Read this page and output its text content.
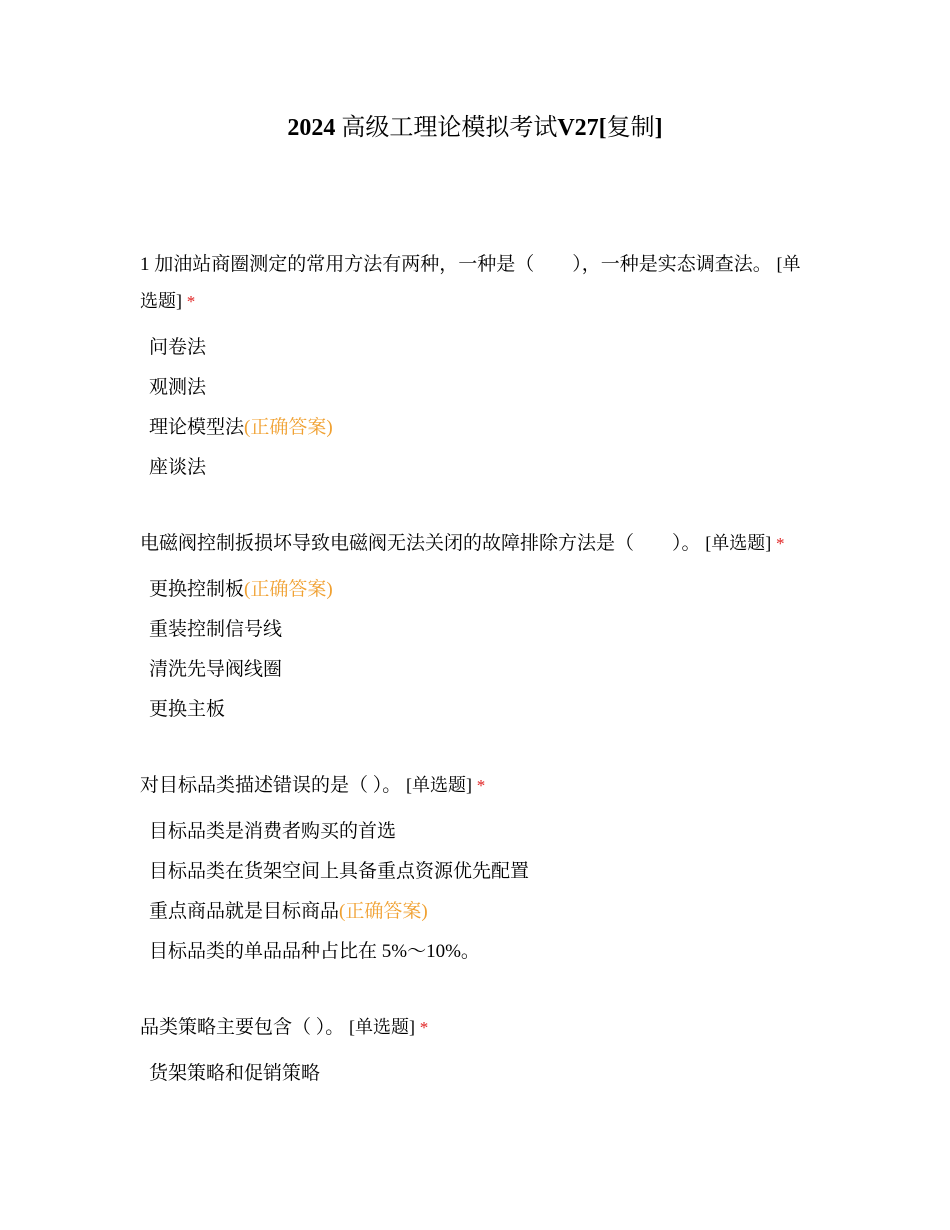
2024 高级工理论模拟考试V27[复制]

1 加油站商圈测定的常用方法有两种，一种是（　　），一种是实态调查法。 [单选题] *

问卷法
观测法
理论模型法(正确答案)
座谈法

电磁阀控制扳损坏导致电磁阀无法关闭的故障排除方法是（　　）。 [单选题] *

更换控制板(正确答案)
重装控制信号线
清洗先导阀线圈
更换主板

对目标品类描述错误的是（ ）。 [单选题] *

目标品类是消费者购买的首选
目标品类在货架空间上具备重点资源优先配置
重点商品就是目标商品(正确答案)
目标品类的单品品种占比在 5%～10%。

品类策略主要包含（ ）。 [单选题] *

货架策略和促销策略
